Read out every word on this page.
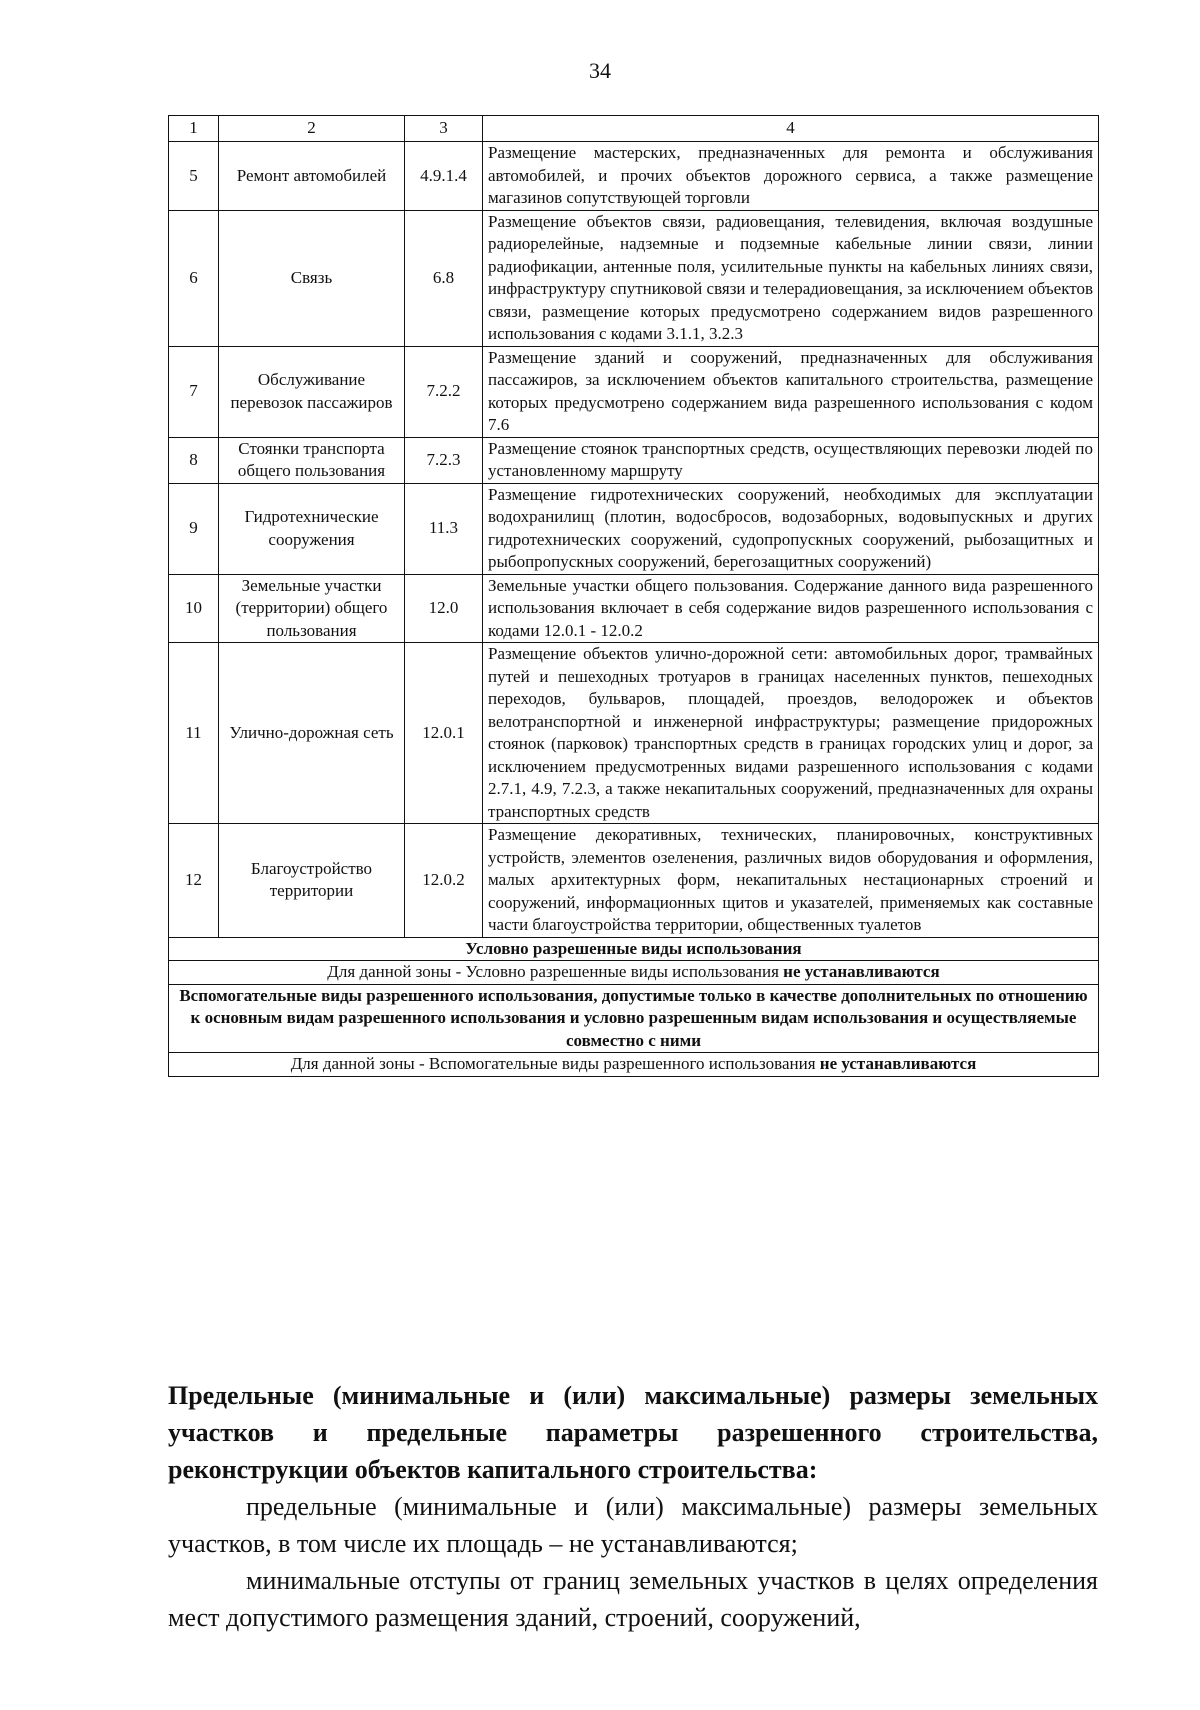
34
1	2	3	4
5	Ремонт автомобилей	4.9.1.4	Размещение мастерских, предназначенных для ремонта и обслуживания автомобилей, и прочих объектов дорожного сервиса, а также размещение магазинов сопутствующей торговли
6	Связь	6.8	Размещение объектов связи, радиовещания, телевидения, включая воздушные радиорелейные, надземные и подземные кабельные линии связи, линии радиофикации, антенные поля, усилительные пункты на кабельных линиях связи, инфраструктуру спутниковой связи и телерадиовещания, за исключением объектов связи, размещение которых предусмотрено содержанием видов разрешенного использования с кодами 3.1.1, 3.2.3
7	Обслуживание перевозок пассажиров	7.2.2	Размещение зданий и сооружений, предназначенных для обслуживания пассажиров, за исключением объектов капитального строительства, размещение которых предусмотрено содержанием вида разрешенного использования с кодом 7.6
8	Стоянки транспорта общего пользования	7.2.3	Размещение стоянок транспортных средств, осуществляющих перевозки людей по установленному маршруту
9	Гидротехнические сооружения	11.3	Размещение гидротехнических сооружений, необходимых для эксплуатации водохранилищ (плотин, водосбросов, водозаборных, водовыпускных и других гидротехнических сооружений, судопропускных сооружений, рыбозащитных и рыбопропускных сооружений, берегозащитных сооружений)
10	Земельные участки (территории) общего пользования	12.0	Земельные участки общего пользования. Содержание данного вида разрешенного использования включает в себя содержание видов разрешенного использования с кодами 12.0.1 - 12.0.2
11	Улично-дорожная сеть	12.0.1	Размещение объектов улично-дорожной сети: автомобильных дорог, трамвайных путей и пешеходных тротуаров в границах населенных пунктов, пешеходных переходов, бульваров, площадей, проездов, велодорожек и объектов велотранспортной и инженерной инфраструктуры; размещение придорожных стоянок (парковок) транспортных средств в границах городских улиц и дорог, за исключением предусмотренных видами разрешенного использования с кодами 2.7.1, 4.9, 7.2.3, а также некапитальных сооружений, предназначенных для охраны транспортных средств
12	Благоустройство территории	12.0.2	Размещение декоративных, технических, планировочных, конструктивных устройств, элементов озеленения, различных видов оборудования и оформления, малых архитектурных форм, некапитальных нестационарных строений и сооружений, информационных щитов и указателей, применяемых как составные части благоустройства территории, общественных туалетов
Условно разрешенные виды использования			
Для данной зоны - Условно разрешенные виды использования не устанавливаются			
Вспомогательные виды разрешенного использования, допустимые только в качестве дополнительных по отношению к основным видам разрешенного использования и условно разрешенным видам использования и осуществляемые совместно с ними			
Для данной зоны - Вспомогательные виды разрешенного использования не устанавливаются			

Предельные (минимальные и (или) максимальные) размеры земельных участков и предельные параметры разрешенного строительства, реконструкции объектов капитального строительства:

предельные (минимальные и (или) максимальные) размеры земельных участков, в том числе их площадь – не устанавливаются;

минимальные отступы от границ земельных участков в целях определения мест допустимого размещения зданий, строений, сооружений,
